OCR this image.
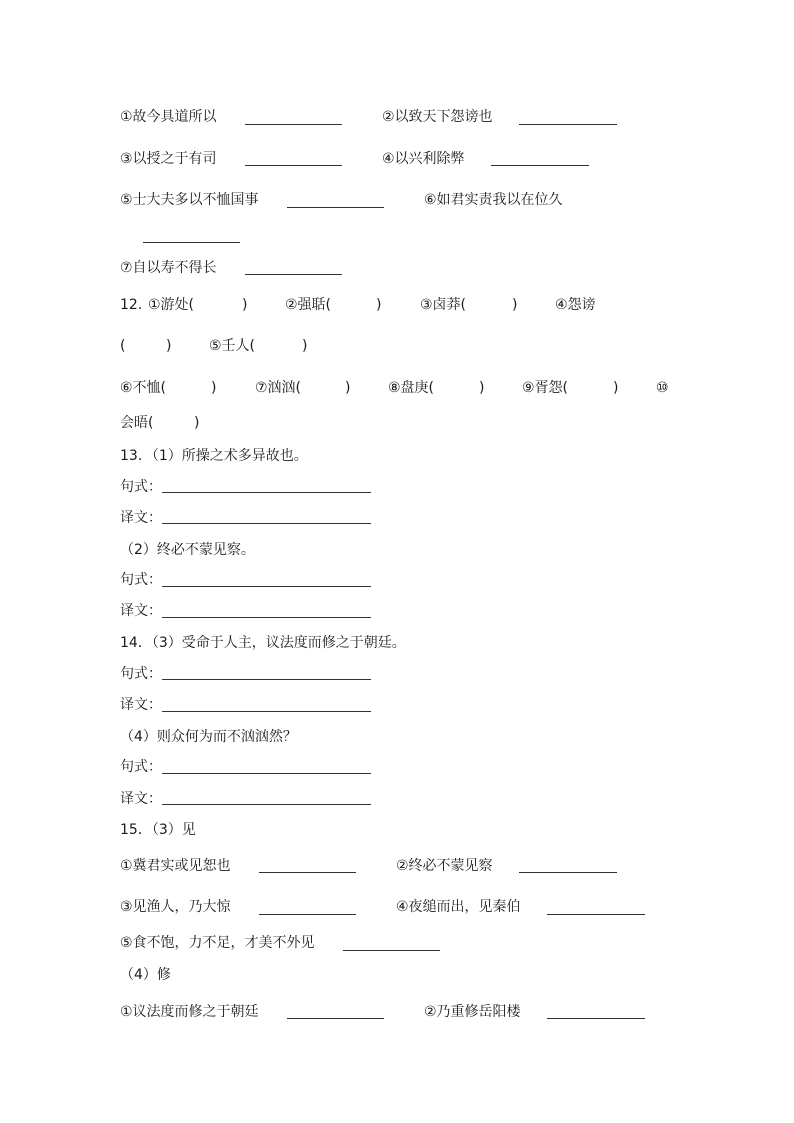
①故今具道所以	②以致天下怨谤也
③以授之于有司	④以兴利除弊
⑤士大夫多以不恤国事	⑥如君实责我以在位久
⑦自以寿不得长
12．
①游处(	)	②强聒(	)	③卤莽(	)	④怨谤
(	)	⑤壬人(	)
⑥不恤(	)	⑦汹汹(	)	⑧盘庚(	)	⑨胥怨(	)	⑩
会晤(	)
13．（1）所操之术多异故也。
句式：
译文：
（2）终必不蒙见察。
句式：
译文：
14．（3）受命于人主，议法度而修之于朝廷。
句式：
译文：
（4）则众何为而不汹汹然？
句式：
译文：
15．（3）见
①冀君实或见恕也	②终必不蒙见察
③见渔人，乃大惊	④夜缒而出，见秦伯
⑤食不饱，力不足，才美不外见
（4）修
①议法度而修之于朝廷	②乃重修岳阳楼
